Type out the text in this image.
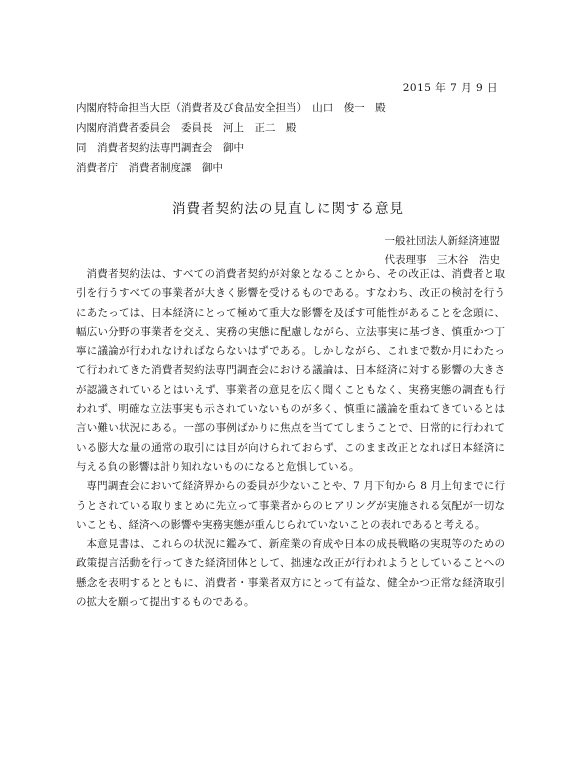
2015 年 7 月 9 日
内閣府特命担当大臣（消費者及び食品安全担当）　山口　俊一　殿
内閣府消費者委員会　委員長　河上　正二　殿
同　消費者契約法専門調査会　御中
消費者庁　消費者制度課　御中
消費者契約法の見直しに関する意見
一般社団法人新経済連盟
代表理事　三木谷　浩史

消費者契約法は、すべての消費者契約が対象となることから、その改正は、消費者と取引を行うすべての事業者が大きく影響を受けるものである。すなわち、改正の検討を行うにあたっては、日本経済にとって極めて重大な影響を及ぼす可能性があることを念頭に、幅広い分野の事業者を交え、実務の実態に配慮しながら、立法事実に基づき、慎重かつ丁寧に議論が行われなければならないはずである。しかしながら、これまで数か月にわたって行われてきた消費者契約法専門調査会における議論は、日本経済に対する影響の大きさが認識されているとはいえず、事業者の意見を広く聞くこともなく、実務実態の調査も行われず、明確な立法事実も示されていないものが多く、慎重に議論を重ねてきているとは言い難い状況にある。一部の事例ばかりに焦点を当ててしまうことで、日常的に行われている膨大な量の通常の取引には目が向けられておらず、このまま改正となれば日本経済に与える負の影響は計り知れないものになると危惧している。

専門調査会において経済界からの委員が少ないことや、7 月下旬から 8 月上旬までに行うとされている取りまとめに先立って事業者からのヒアリングが実施される気配が一切ないことも、経済への影響や実務実態が重んじられていないことの表れであると考える。

本意見書は、これらの状況に鑑みて、新産業の育成や日本の成長戦略の実現等のための政策提言活動を行ってきた経済団体として、拙速な改正が行われようとしていることへの懸念を表明するとともに、消費者・事業者双方にとって有益な、健全かつ正常な経済取引の拡大を願って提出するものである。
